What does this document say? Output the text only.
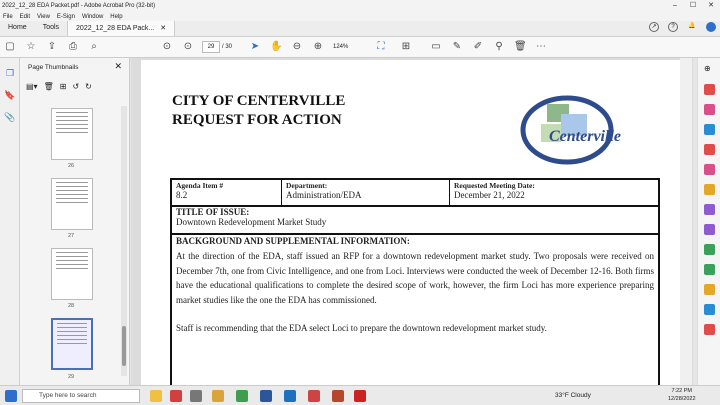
2022_12_28 EDA Packet.pdf - Adobe Acrobat Pro (32-bit)	–	☐	✕
File Edit View E-Sign Window Help
Home	Tools	2022_12_28 EDA Pack... ✕	↗	?	🔔
▢ ☆ ⇪ ⎙	⌕	⊙ ⊙	➤ ✋ ⊖ ⊕	⛶ ⊞ ▭ ✎ ✐ ⚲ 🗑 ⋯
29	/ 30	124%
❐
🔖
📎
Page Thumbnails	✕
▤▾ 🗑 ⊞ ↺ ↻
26
27
28
29
CITY OF CENTERVILLE
REQUEST FOR ACTION
Centerville
Agenda Item #
8.2
Department:
Administration/EDA
Requested Meeting Date:
December 21, 2022
TITLE OF ISSUE:
Downtown Redevelopment Market Study
BACKGROUND AND SUPPLEMENTAL INFORMATION:
At the direction of the EDA, staff issued an RFP for a downtown redevelopment market study. Two proposals were received on December 7th, one from Civic Intelligence, and one from Loci. Interviews were conducted the week of December 12-16. Both firms have the educational qualifications to complete the desired scope of work, however, the firm Loci has more experience preparing market studies like the one the EDA has commissioned.
Staff is recommending that the EDA select Loci to prepare the downtown redevelopment market study.
⊕
Type here to search	33°F Cloudy
7:22 PM
12/28/2022
